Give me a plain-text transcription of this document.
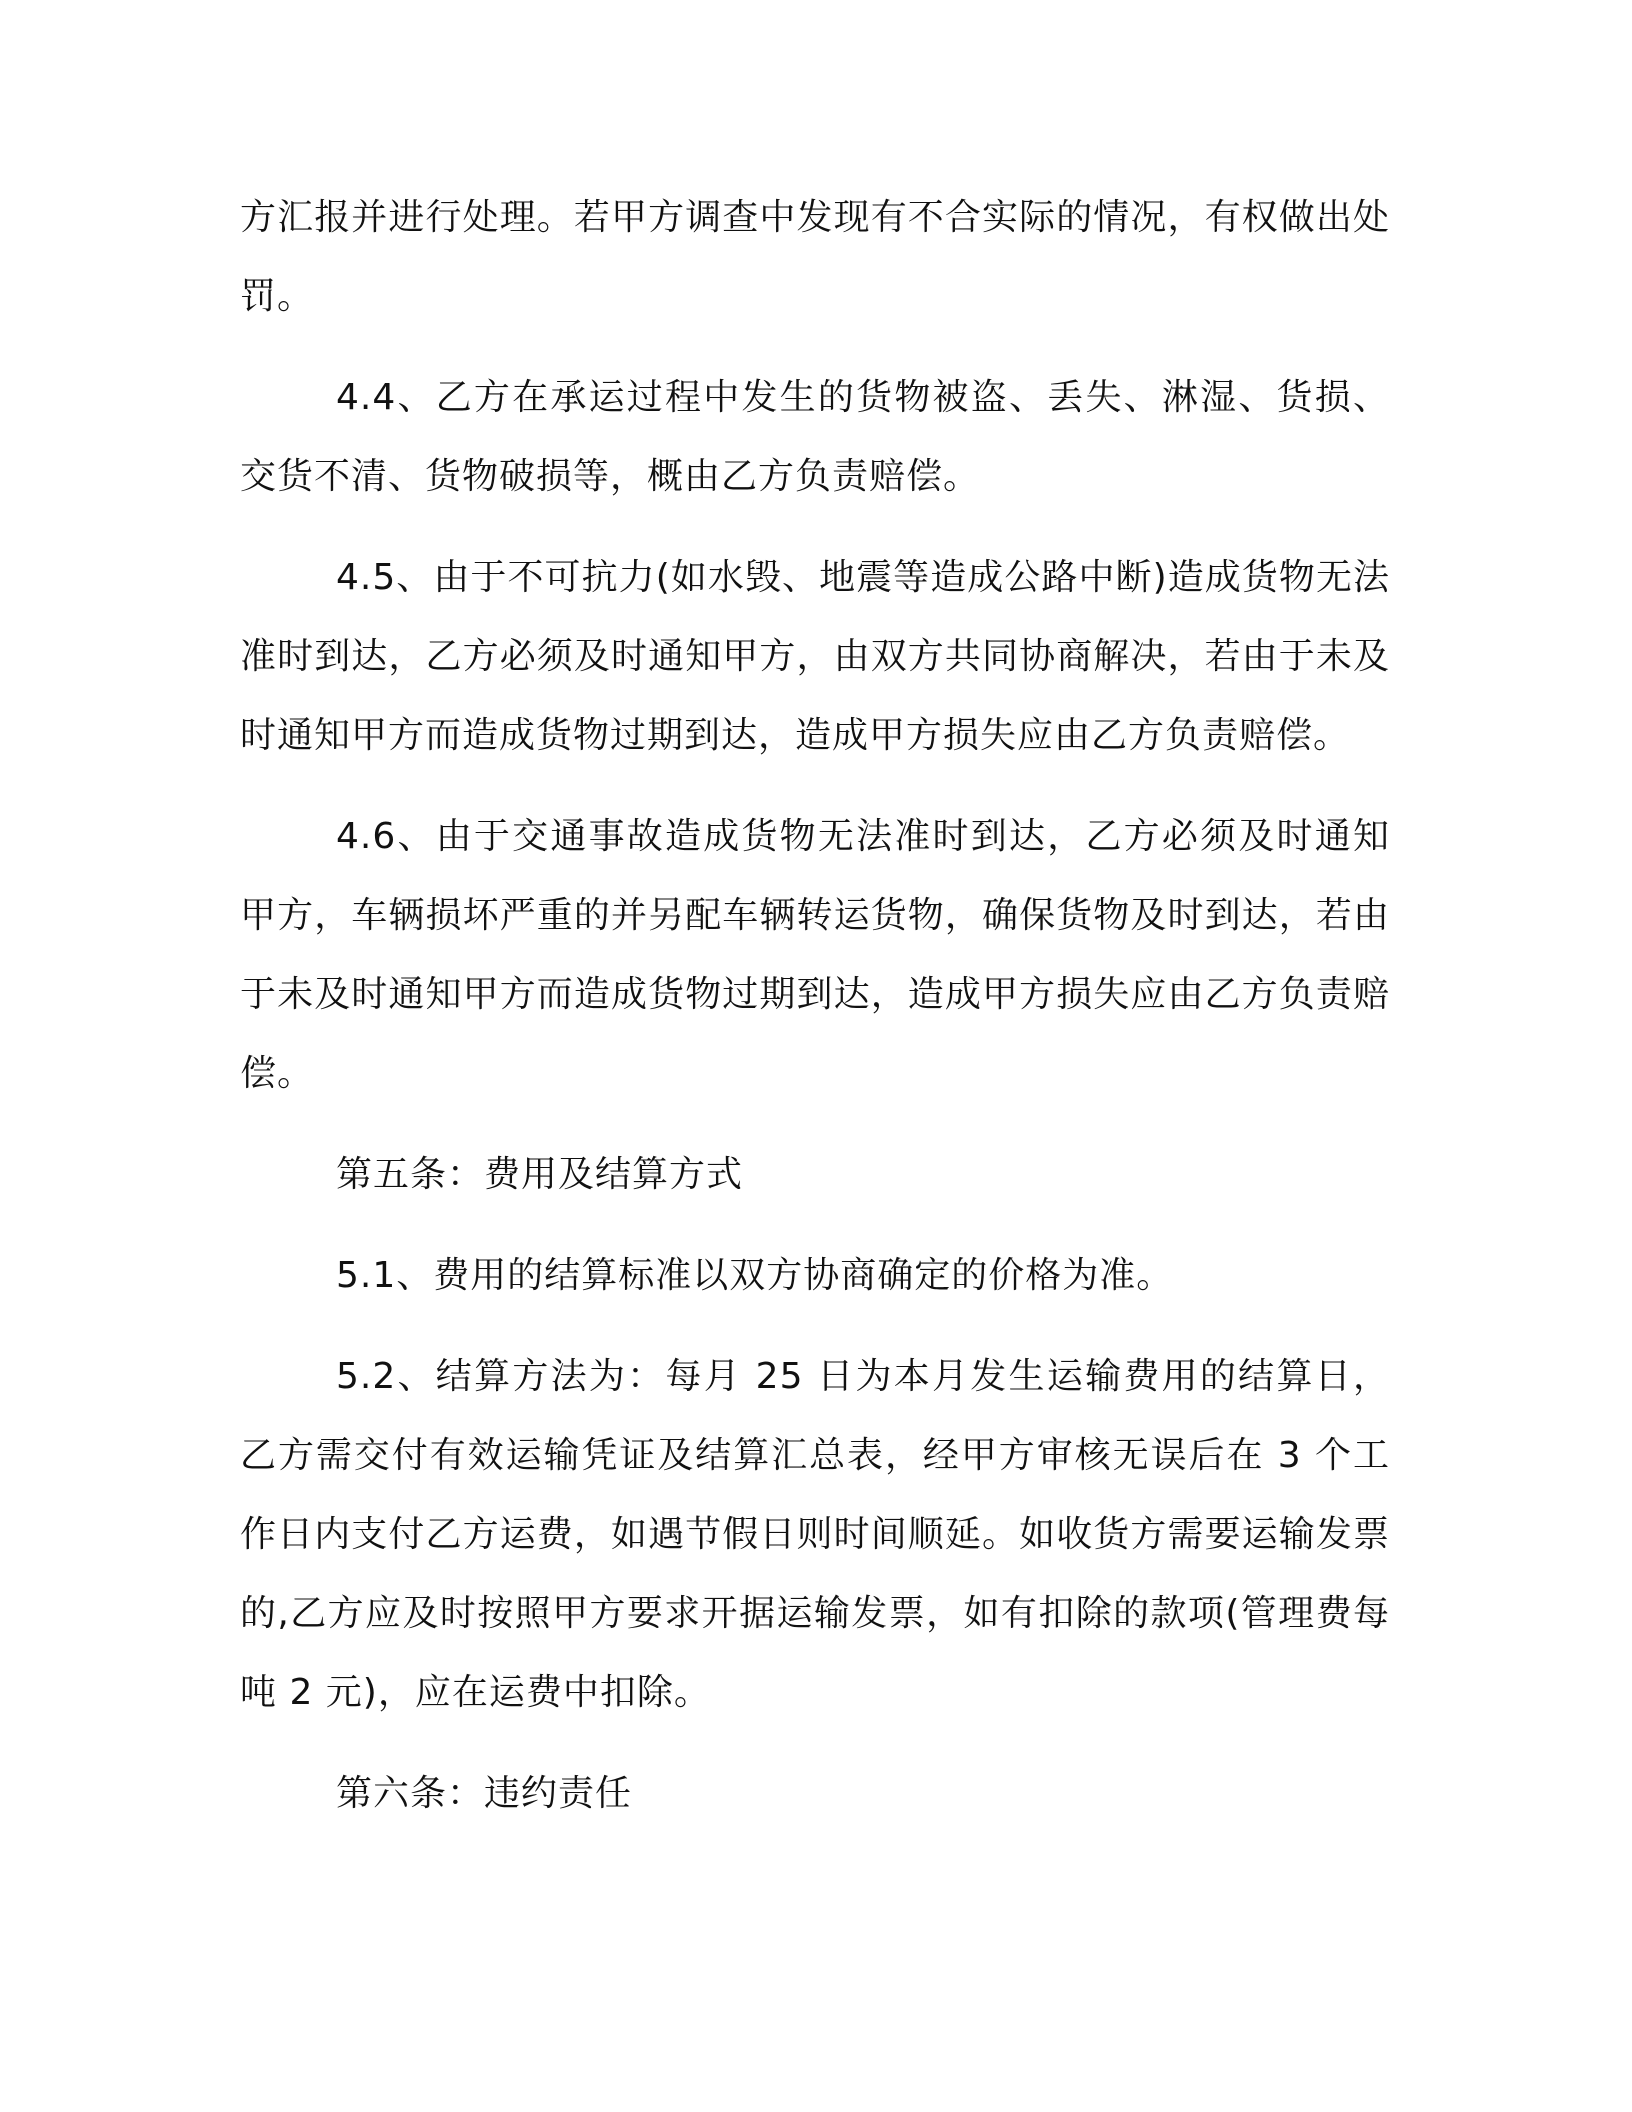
方汇报并进行处理。若甲方调查中发现有不合实际的情况，有权做出处罚。

4.4、乙方在承运过程中发生的货物被盗、丢失、淋湿、货损、交货不清、货物破损等，概由乙方负责赔偿。

4.5、由于不可抗力(如水毁、地震等造成公路中断)造成货物无法准时到达，乙方必须及时通知甲方，由双方共同协商解决，若由于未及时通知甲方而造成货物过期到达，造成甲方损失应由乙方负责赔偿。

4.6、由于交通事故造成货物无法准时到达，乙方必须及时通知甲方，车辆损坏严重的并另配车辆转运货物，确保货物及时到达，若由于未及时通知甲方而造成货物过期到达，造成甲方损失应由乙方负责赔偿。

第五条：费用及结算方式

5.1、费用的结算标准以双方协商确定的价格为准。

5.2、结算方法为：每月 25 日为本月发生运输费用的结算日，乙方需交付有效运输凭证及结算汇总表，经甲方审核无误后在 3 个工作日内支付乙方运费，如遇节假日则时间顺延。如收货方需要运输发票的,乙方应及时按照甲方要求开据运输发票，如有扣除的款项(管理费每吨 2 元)，应在运费中扣除。

第六条：违约责任
